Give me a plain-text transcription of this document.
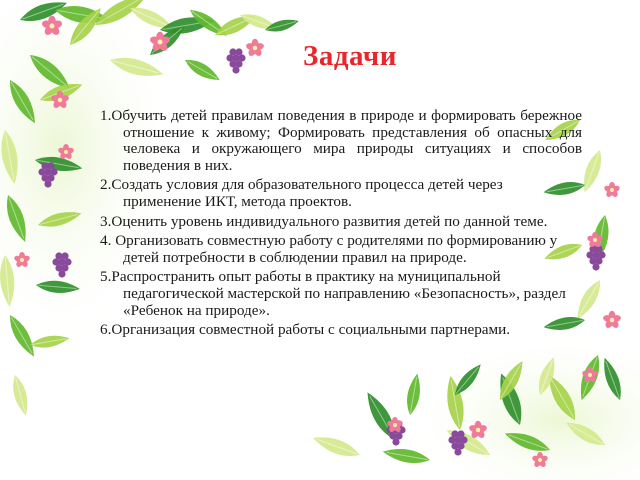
Задачи
1.Обучить детей правилам поведения в природе и формировать бережное отношение к живому; Формировать представления об опасных для человека и окружающего мира природы ситуациях и способов поведения в них.
2.Создать условия для образовательного процесса детей через применение ИКТ, метода проектов.
3.Оценить уровень индивидуального развития детей по данной теме.
4. Организовать совместную работу с родителями по формированию у детей потребности в соблюдении правил на природе.
5.Распространить опыт работы в практику на муниципальной педагогической мастерской по направлению «Безопасность», раздел «Ребенок на природе».
6.Организация совместной работы с социальными партнерами.
